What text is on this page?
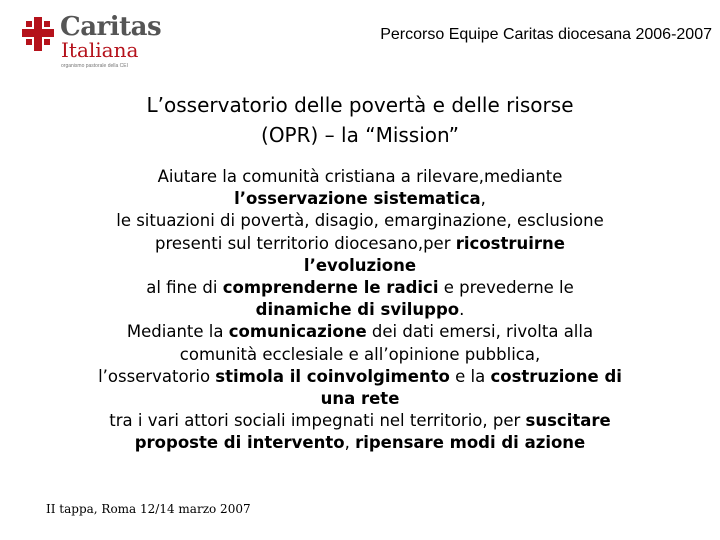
Caritas
Italiana
organismo pastorale della CEI
Percorso Equipe Caritas diocesana 2006-2007
L’osservatorio delle povertà e delle risorse
(OPR) – la “Mission”
Aiutare la comunità cristiana a rilevare,mediante
l’osservazione sistematica,
le situazioni di povertà, disagio, emarginazione, esclusione
presenti sul territorio diocesano,per ricostruirne
l’evoluzione
al fine di comprenderne le radici e prevederne le
dinamiche di sviluppo.
Mediante la comunicazione dei dati emersi, rivolta alla
comunità ecclesiale e all’opinione pubblica,
l’osservatorio stimola il coinvolgimento e la costruzione di
una rete
tra i vari attori sociali impegnati nel territorio, per suscitare
proposte di intervento, ripensare modi di azione
II tappa, Roma 12/14 marzo 2007
